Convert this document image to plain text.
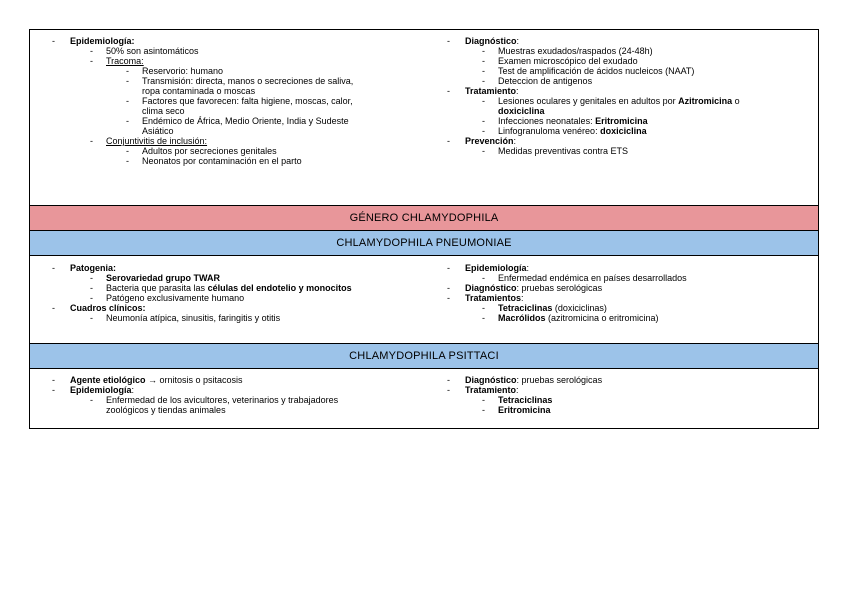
- Epidemiología:
- 50% son asintomáticos
- Tracoma:
- Reservorio: humano
- Transmisión: directa, manos o secreciones de saliva,
ropa contaminada o moscas
- Factores que favorecen: falta higiene, moscas, calor,
clima seco
- Endémico de África, Medio Oriente, India y Sudeste
Asiático
- Conjuntivitis de inclusión:
- Adultos por secreciones genitales
- Neonatos por contaminación en el parto
- Diagnóstico:
- Muestras exudados/raspados (24-48h)
- Examen microscópico del exudado
- Test de amplificación de ácidos nucleicos (NAAT)
- Deteccion de antigenos
- Tratamiento:
- Lesiones oculares y genitales en adultos por Azitromicina o
doxiciclina
- Infecciones neonatales: Eritromicina
- Linfogranuloma venéreo: doxiciclina
- Prevención:
- Medidas preventivas contra ETS
GÉNERO CHLAMYDOPHILA
CHLAMYDOPHILA PNEUMONIAE
- Patogenia:
- Serovariedad grupo TWAR
- Bacteria que parasita las células del endotelio y monocitos
- Patógeno exclusivamente humano
- Cuadros clínicos:
- Neumonía atípica, sinusitis, faringitis y otitis
- Epidemiología:
- Enfermedad endémica en países desarrollados
- Diagnóstico: pruebas serológicas
- Tratamientos:
- Tetraciclinas (doxiciclinas)
- Macrólidos (azitromicina o eritromicina)
CHLAMYDOPHILA PSITTACI
- Agente etiológico → ornitosis o psitacosis
- Epidemiología:
- Enfermedad de los avicultores, veterinarios y trabajadores
zoológicos y tiendas animales
- Diagnóstico: pruebas serológicas
- Tratamiento:
- Tetraciclinas
- Eritromicina
